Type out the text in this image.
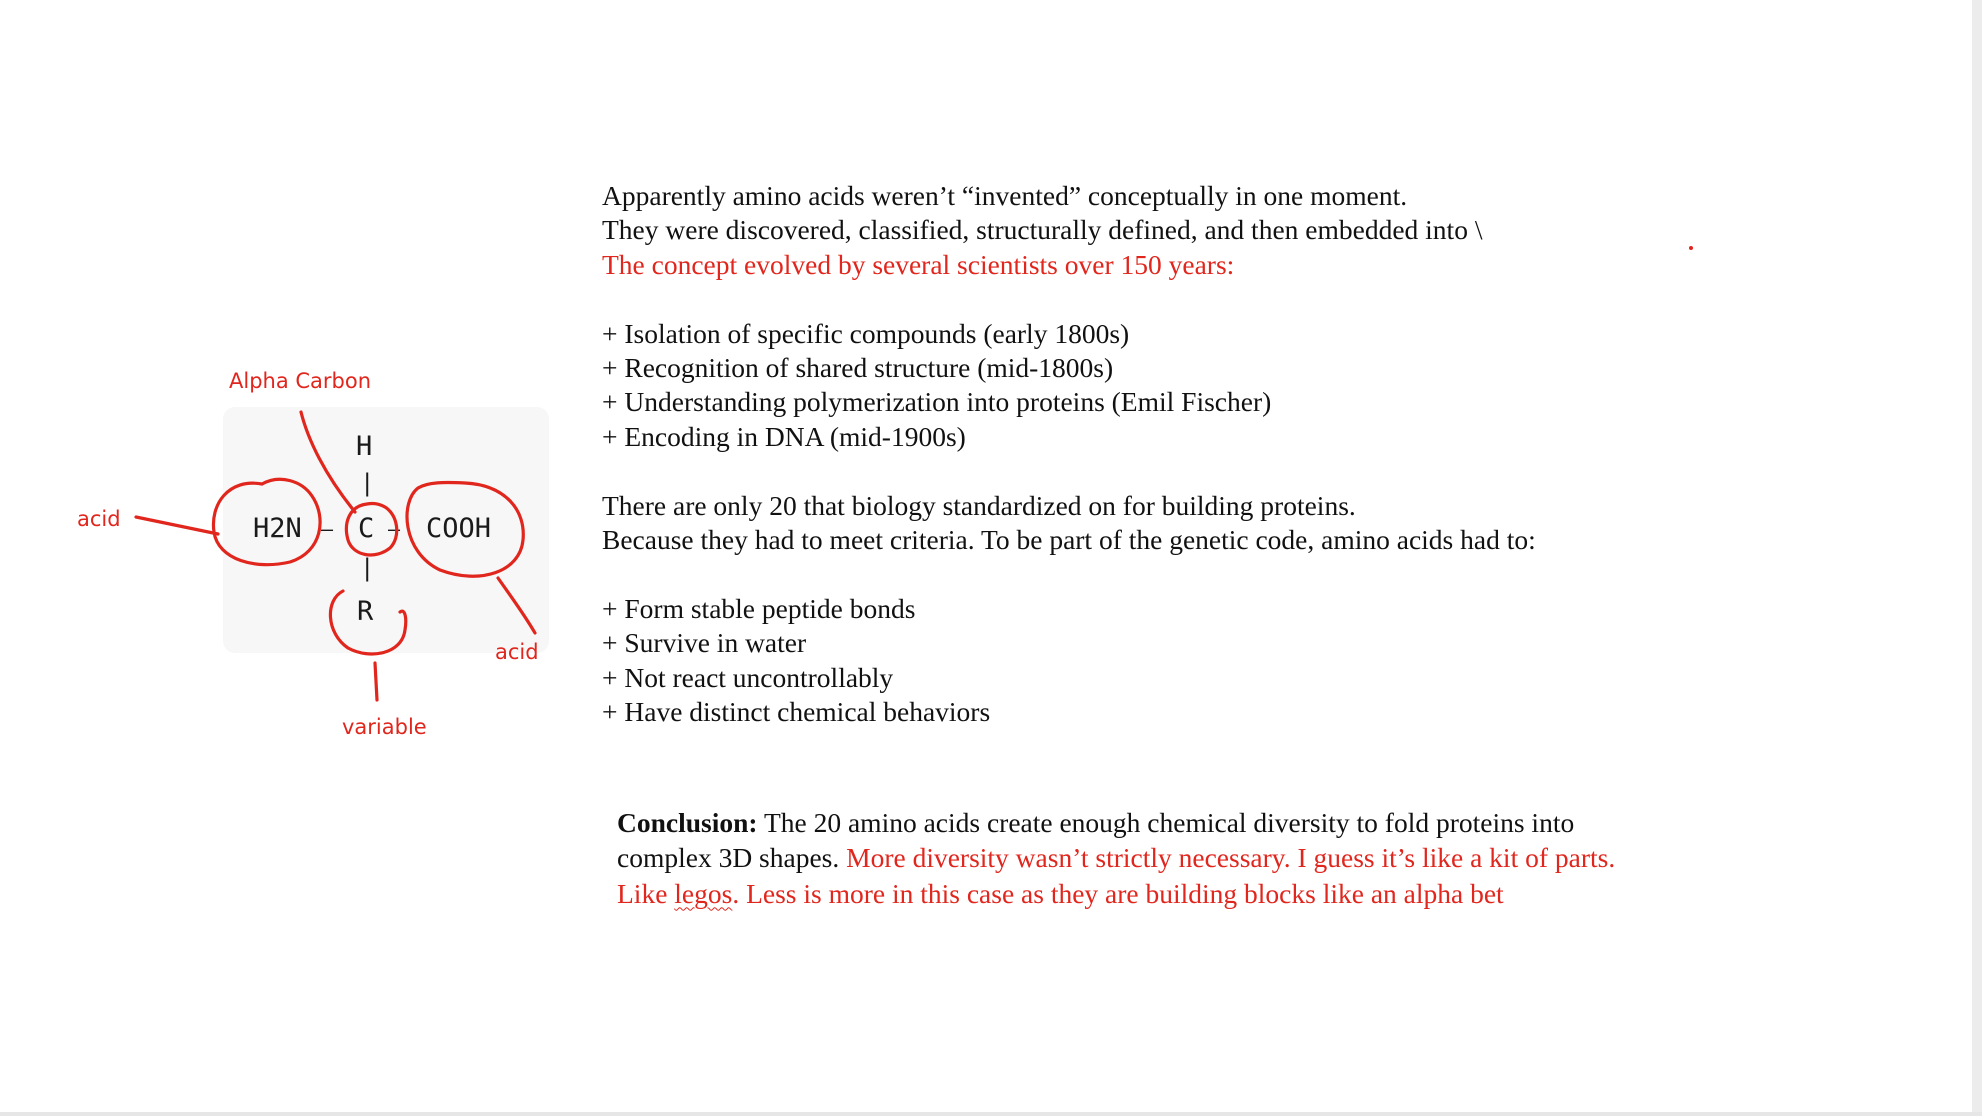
Apparently amino acids weren’t “invented” conceptually in one moment.
They were discovered, classified, structurally defined, and then embedded into \
The concept evolved by several scientists over 150 years:
+ Isolation of specific compounds (early 1800s)
+ Recognition of shared structure (mid-1800s)
+ Understanding polymerization into proteins (Emil Fischer)
+ Encoding in DNA (mid-1900s)
There are only 20 that biology standardized on for building proteins.
Because they had to meet criteria. To be part of the genetic code, amino acids had to:
+ Form stable peptide bonds
+ Survive in water
+ Not react uncontrollably
+ Have distinct chemical behaviors
Conclusion: The 20 amino acids create enough chemical diversity to fold proteins into complex 3D shapes. More diversity wasn’t strictly necessary. I guess it’s like a kit of parts. Like legos. Less is more in this case as they are building blocks like an alpha bet
H
|
H2N — C — COOH
|
R
Alpha Carbon
acid
acid
variable
